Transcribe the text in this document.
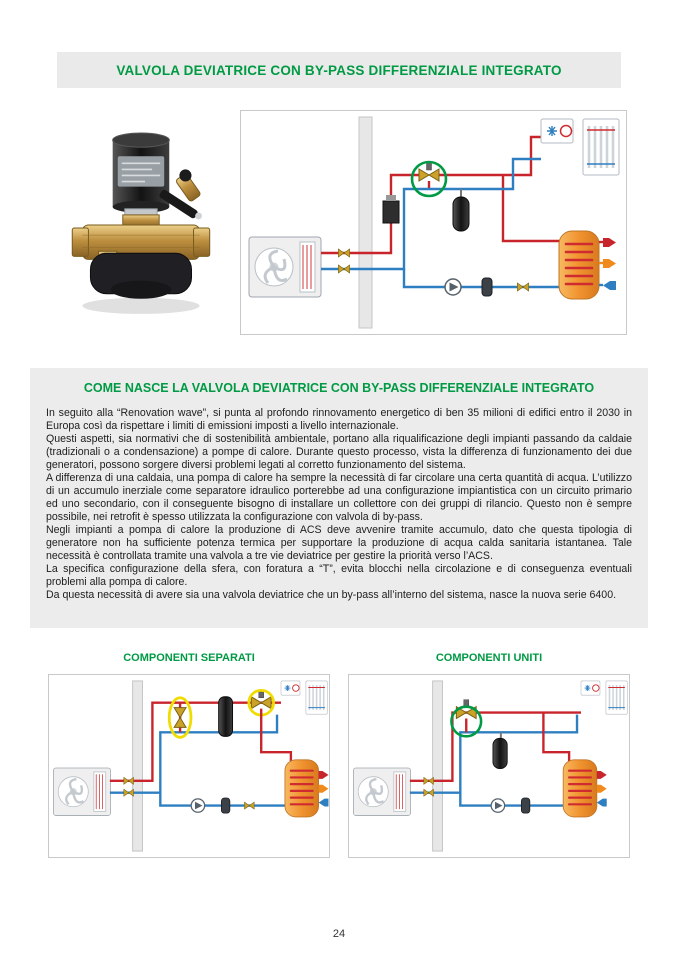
VALVOLA DEVIATRICE CON BY-PASS DIFFERENZIALE INTEGRATO
COME NASCE LA VALVOLA DEVIATRICE CON BY-PASS DIFFERENZIALE INTEGRATO

In seguito alla “Renovation wave”, si punta al profondo rinnovamento energetico di ben 35 milioni di edifici entro il 2030 in Europa così da rispettare i limiti di emissioni imposti a livello internazionale.

Questi aspetti, sia normativi che di sostenibilità ambientale, portano alla riqualificazione degli impianti passando da caldaie (tradizionali o a condensazione) a pompe di calore. Durante questo processo, vista la differenza di funzionamento dei due generatori, possono sorgere diversi problemi legati al corretto funzionamento del sistema.

A differenza di una caldaia, una pompa di calore ha sempre la necessità di far circolare una certa quantità di acqua. L’utilizzo di un accumulo inerziale come separatore idraulico porterebbe ad una configurazione impiantistica con un circuito primario ed uno secondario, con il conseguente bisogno di installare un collettore con dei gruppi di rilancio. Questo non è sempre possibile, nei retrofit è spesso utilizzata la configurazione con valvola di by-pass.

Negli impianti a pompa di calore la produzione di ACS deve avvenire tramite accumulo, dato che questa tipologia di generatore non ha sufficiente potenza termica per supportare la produzione di acqua calda sanitaria istantanea. Tale necessità è controllata tramite una valvola a tre vie deviatrice per gestire la priorità verso l’ACS.

La specifica configurazione della sfera, con foratura a “T”, evita blocchi nella circolazione e di conseguenza eventuali problemi alla pompa di calore.

Da questa necessità di avere sia una valvola deviatrice che un by-pass all’interno del sistema, nasce la nuova serie 6400.

COMPONENTI SEPARATI	COMPONENTI UNITI
24
